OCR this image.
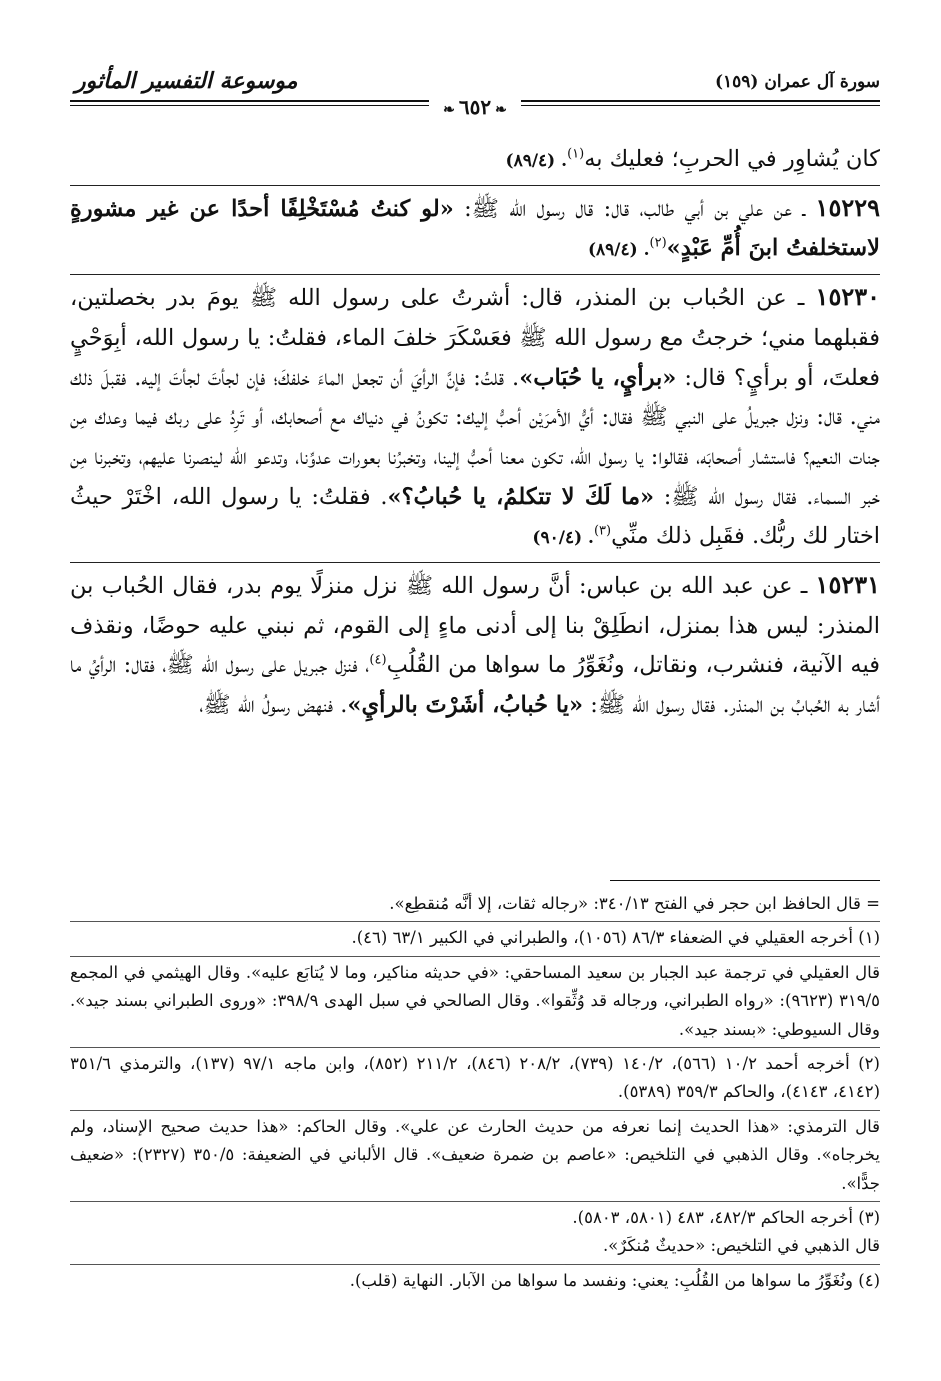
موسوعة التفسير المأثور	سورة آل عمران (١٥٩)
❧ ٦٥٢ ❧

كان يُشاوِر في الحربِ؛ فعليك به$^{(١)}$. (٨٩/٤)

١٥٢٢٩ ـ عن علي بن أبي طالب، قال: قال رسول الله ﷺ: «لو كنتُ مُسْتَخْلِفًا أحدًا عن غير مشورةٍ لاستخلفتُ ابنَ أُمِّ عَبْدٍ»$^{(٢)}$. (٨٩/٤)

١٥٢٣٠ ـ عن الحُباب بن المنذر، قال: أشرتُ على رسول الله ﷺ يومَ بدر بخصلتين، فقبلهما مني؛ خرجتُ مع رسول الله ﷺ فعَسْكَرَ خلفَ الماء، فقلتُ: يا رسول الله، أبِوَحْيٍ فعلتَ، أو برأيٍ؟ قال: «برأيٍ، يا حُبَاب». قلتُ: فإنَّ الرأيَ أن تجعل الماءَ خلفكَ؛ فإن لجأتَ لجأتَ إليه. فقبلَ ذلك مني. قال: ونزل جبريلُ على النبي ﷺ فقال: أيُّ الأمرَيْن أحبُّ إليك: تكونُ في دنياك مع أصحابك، أو تَرِدُ على ربك فيما وعدك مِن جنات النعيم؟ فاستشار أصحابَه، فقالوا: يا رسول الله، تكون معنا أحبُّ إلينا، وتخبرُنا بعورات عدوِّنا، وتدعو الله لينصرنا عليهم، وتخبرنا مِن خبر السماء. فقال رسول الله ﷺ: «ما لَكَ لا تتكلمُ، يا حُبابُ؟». فقلتُ: يا رسول الله، اخْتَرْ حيثُ اختار لك ربُّك. فقَبِل ذلك منِّي$^{(٣)}$. (٩٠/٤)

١٥٢٣١ ـ عن عبد الله بن عباس: أنَّ رسول الله ﷺ نزل منزلًا يوم بدر، فقال الحُباب بن المنذر: ليس هذا بمنزل، انطَلِقْ بنا إلى أدنى ماءٍ إلى القوم، ثم نبني عليه حوضًا، ونقذف فيه الآنية، فنشرب، ونقاتل، ونُغَوِّرُ ما سواها من القُلُبِ$^{(٤)}$، فنزل جبريل على رسول الله ﷺ، فقال: الرأيُ ما أشار به الحُبابُ بن المنذر. فقال رسول الله ﷺ: «يا حُبابُ، أشَرْتَ بالرأيِ». فنهض رسولُ الله ﷺ،

= قال الحافظ ابن حجر في الفتح ٣٤٠/١٣: «رجاله ثقات، إلا أنَّه مُنقطِع».

(١) أخرجه العقيلي في الضعفاء ٨٦/٣ (١٠٥٦)، والطبراني في الكبير ٦٣/١ (٤٦).

قال العقيلي في ترجمة عبد الجبار بن سعيد المساحقي: «في حديثه مناكير، وما لا يُتابَع عليه». وقال الهيثمي في المجمع ٣١٩/٥ (٩٦٢٣): «رواه الطبراني، ورجاله قد وُثِّقوا». وقال الصالحي في سبل الهدى ٣٩٨/٩: «وروى الطبراني بسند جيد». وقال السيوطي: «بسند جيد».

(٢) أخرجه أحمد ١٠/٢ (٥٦٦)، ١٤٠/٢ (٧٣٩)، ٢٠٨/٢ (٨٤٦)، ٢١١/٢ (٨٥٢)، وابن ماجه ٩٧/١ (١٣٧)، والترمذي ٣٥١/٦ (٤١٤٢، ٤١٤٣)، والحاكم ٣٥٩/٣ (٥٣٨٩).

قال الترمذي: «هذا الحديث إنما نعرفه من حديث الحارث عن علي». وقال الحاكم: «هذا حديث صحيح الإسناد، ولم يخرجاه». وقال الذهبي في التلخيص: «عاصم بن ضمرة ضعيف». قال الألباني في الضعيفة: ٣٥٠/٥ (٢٣٢٧): «ضعيف جدًّا».

(٣) أخرجه الحاكم ٤٨٢/٣، ٤٨٣ (٥٨٠١، ٥٨٠٣).

قال الذهبي في التلخيص: «حديثٌ مُنكَرٌ».

(٤) ونُغَوِّرُ ما سواها من القُلُبِ: يعني: ونفسد ما سواها من الآبار. النهاية (قلب).
